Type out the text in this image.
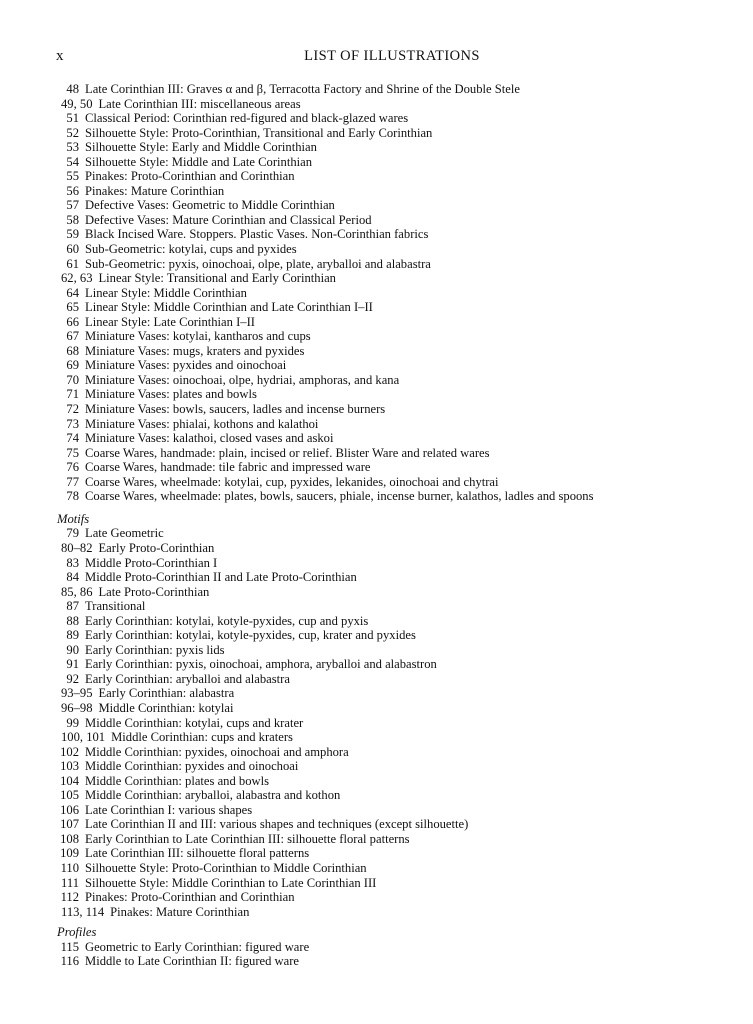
x	LIST OF ILLUSTRATIONS
48 Late Corinthian III: Graves α and β, Terracotta Factory and Shrine of the Double Stele
49, 50 Late Corinthian III: miscellaneous areas
51 Classical Period: Corinthian red-figured and black-glazed wares
52 Silhouette Style: Proto-Corinthian, Transitional and Early Corinthian
53 Silhouette Style: Early and Middle Corinthian
54 Silhouette Style: Middle and Late Corinthian
55 Pinakes: Proto-Corinthian and Corinthian
56 Pinakes: Mature Corinthian
57 Defective Vases: Geometric to Middle Corinthian
58 Defective Vases: Mature Corinthian and Classical Period
59 Black Incised Ware. Stoppers. Plastic Vases. Non-Corinthian fabrics
60 Sub-Geometric: kotylai, cups and pyxides
61 Sub-Geometric: pyxis, oinochoai, olpe, plate, aryballoi and alabastra
62, 63 Linear Style: Transitional and Early Corinthian
64 Linear Style: Middle Corinthian
65 Linear Style: Middle Corinthian and Late Corinthian I–II
66 Linear Style: Late Corinthian I–II
67 Miniature Vases: kotylai, kantharos and cups
68 Miniature Vases: mugs, kraters and pyxides
69 Miniature Vases: pyxides and oinochoai
70 Miniature Vases: oinochoai, olpe, hydriai, amphoras, and kana
71 Miniature Vases: plates and bowls
72 Miniature Vases: bowls, saucers, ladles and incense burners
73 Miniature Vases: phialai, kothons and kalathoi
74 Miniature Vases: kalathoi, closed vases and askoi
75 Coarse Wares, handmade: plain, incised or relief. Blister Ware and related wares
76 Coarse Wares, handmade: tile fabric and impressed ware
77 Coarse Wares, wheelmade: kotylai, cup, pyxides, lekanides, oinochoai and chytrai
78 Coarse Wares, wheelmade: plates, bowls, saucers, phiale, incense burner, kalathos, ladles and spoons
Motifs
79 Late Geometric
80–82 Early Proto-Corinthian
83 Middle Proto-Corinthian I
84 Middle Proto-Corinthian II and Late Proto-Corinthian
85, 86 Late Proto-Corinthian
87 Transitional
88 Early Corinthian: kotylai, kotyle-pyxides, cup and pyxis
89 Early Corinthian: kotylai, kotyle-pyxides, cup, krater and pyxides
90 Early Corinthian: pyxis lids
91 Early Corinthian: pyxis, oinochoai, amphora, aryballoi and alabastron
92 Early Corinthian: aryballoi and alabastra
93–95 Early Corinthian: alabastra
96–98 Middle Corinthian: kotylai
99 Middle Corinthian: kotylai, cups and krater
100, 101 Middle Corinthian: cups and kraters
102 Middle Corinthian: pyxides, oinochoai and amphora
103 Middle Corinthian: pyxides and oinochoai
104 Middle Corinthian: plates and bowls
105 Middle Corinthian: aryballoi, alabastra and kothon
106 Late Corinthian I: various shapes
107 Late Corinthian II and III: various shapes and techniques (except silhouette)
108 Early Corinthian to Late Corinthian III: silhouette floral patterns
109 Late Corinthian III: silhouette floral patterns
110 Silhouette Style: Proto-Corinthian to Middle Corinthian
111 Silhouette Style: Middle Corinthian to Late Corinthian III
112 Pinakes: Proto-Corinthian and Corinthian
113, 114 Pinakes: Mature Corinthian
Profiles
115 Geometric to Early Corinthian: figured ware
116 Middle to Late Corinthian II: figured ware
